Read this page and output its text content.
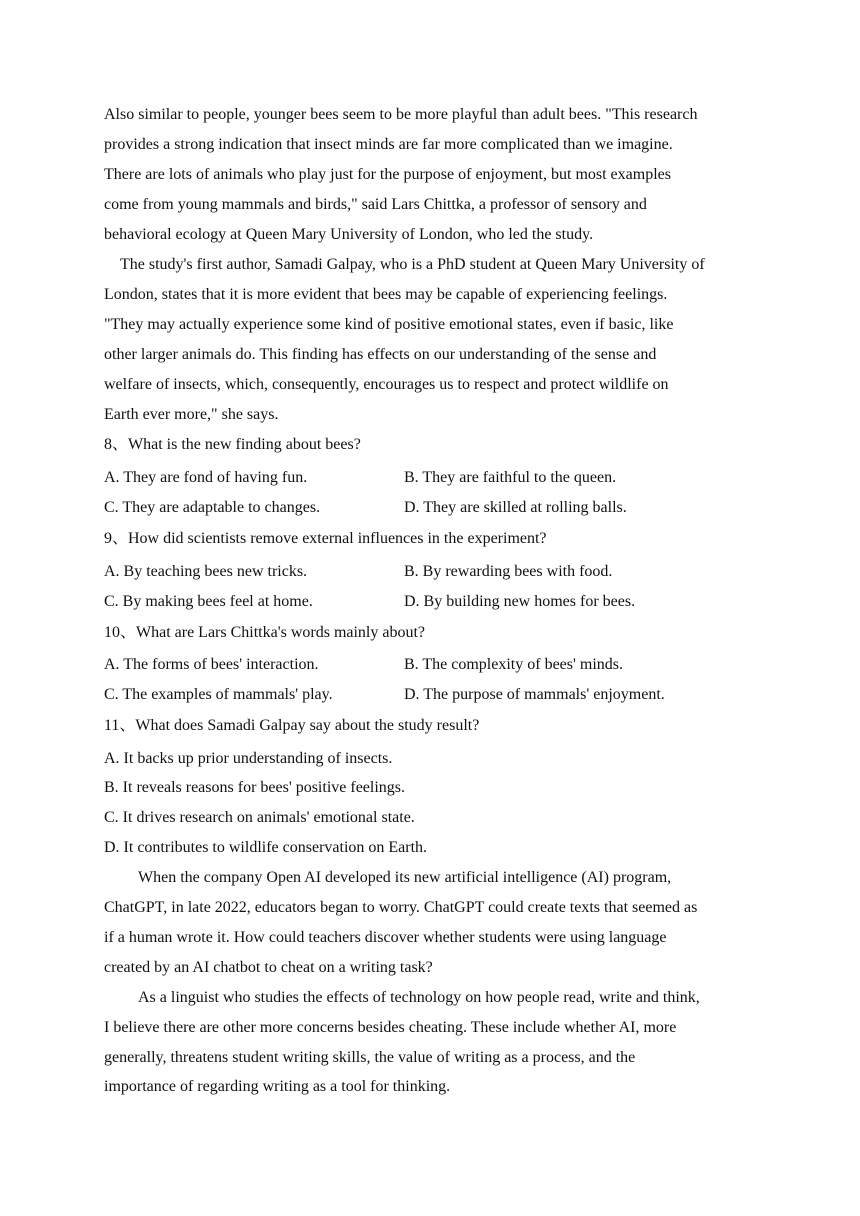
Also similar to people, younger bees seem to be more playful than adult bees. "This research
provides a strong indication that insect minds are far more complicated than we imagine.
There are lots of animals who play just for the purpose of enjoyment, but most examples
come from young mammals and birds," said Lars Chittka, a professor of sensory and
behavioral ecology at Queen Mary University of London, who led the study.
The study's first author, Samadi Galpay, who is a PhD student at Queen Mary University of
London, states that it is more evident that bees may be capable of experiencing feelings.
"They may actually experience some kind of positive emotional states, even if basic, like
other larger animals do. This finding has effects on our understanding of the sense and
welfare of insects, which, consequently, encourages us to respect and protect wildlife on
Earth ever more," she says.
8、What is the new finding about bees?
A. They are fond of having fun.	B. They are faithful to the queen.
C. They are adaptable to changes.	D. They are skilled at rolling balls.
9、How did scientists remove external influences in the experiment?
A. By teaching bees new tricks.	B. By rewarding bees with food.
C. By making bees feel at home.	D. By building new homes for bees.
10、What are Lars Chittka's words mainly about?
A. The forms of bees' interaction.	B. The complexity of bees' minds.
C. The examples of mammals' play.	D. The purpose of mammals' enjoyment.
11、What does Samadi Galpay say about the study result?
A. It backs up prior understanding of insects.
B. It reveals reasons for bees' positive feelings.
C. It drives research on animals' emotional state.
D. It contributes to wildlife conservation on Earth.
When the company Open AI developed its new artificial intelligence (AI) program,
ChatGPT, in late 2022, educators began to worry. ChatGPT could create texts that seemed as
if a human wrote it. How could teachers discover whether students were using language
created by an AI chatbot to cheat on a writing task?
As a linguist who studies the effects of technology on how people read, write and think,
I believe there are other more concerns besides cheating. These include whether AI, more
generally, threatens student writing skills, the value of writing as a process, and the
importance of regarding writing as a tool for thinking.
